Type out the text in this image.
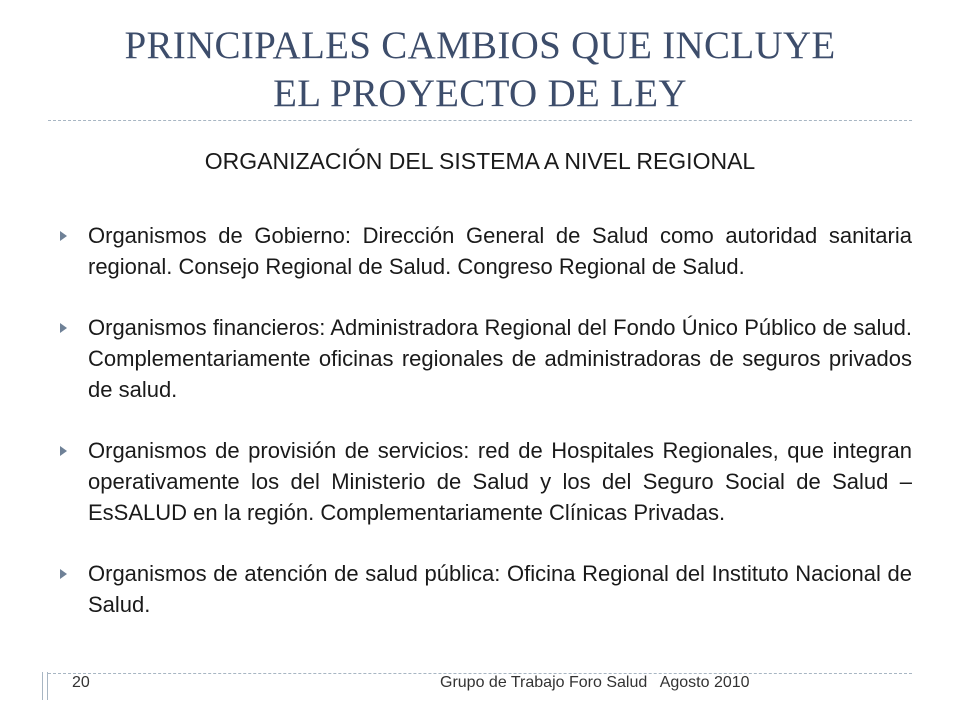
PRINCIPALES CAMBIOS QUE INCLUYE
EL PROYECTO DE LEY
ORGANIZACIÓN DEL SISTEMA A NIVEL REGIONAL
Organismos de Gobierno: Dirección General de Salud como autoridad sanitaria regional. Consejo Regional de Salud. Congreso Regional de Salud.
Organismos financieros: Administradora Regional del Fondo Único Público de salud. Complementariamente oficinas regionales de administradoras de seguros privados de salud.
Organismos de provisión de servicios: red de Hospitales Regionales, que integran operativamente los del Ministerio de Salud y los del Seguro Social de Salud – EsSALUD en la región. Complementariamente Clínicas Privadas.
Organismos de atención de salud pública: Oficina Regional del Instituto Nacional de Salud.
20	Grupo de Trabajo Foro Salud   Agosto 2010
